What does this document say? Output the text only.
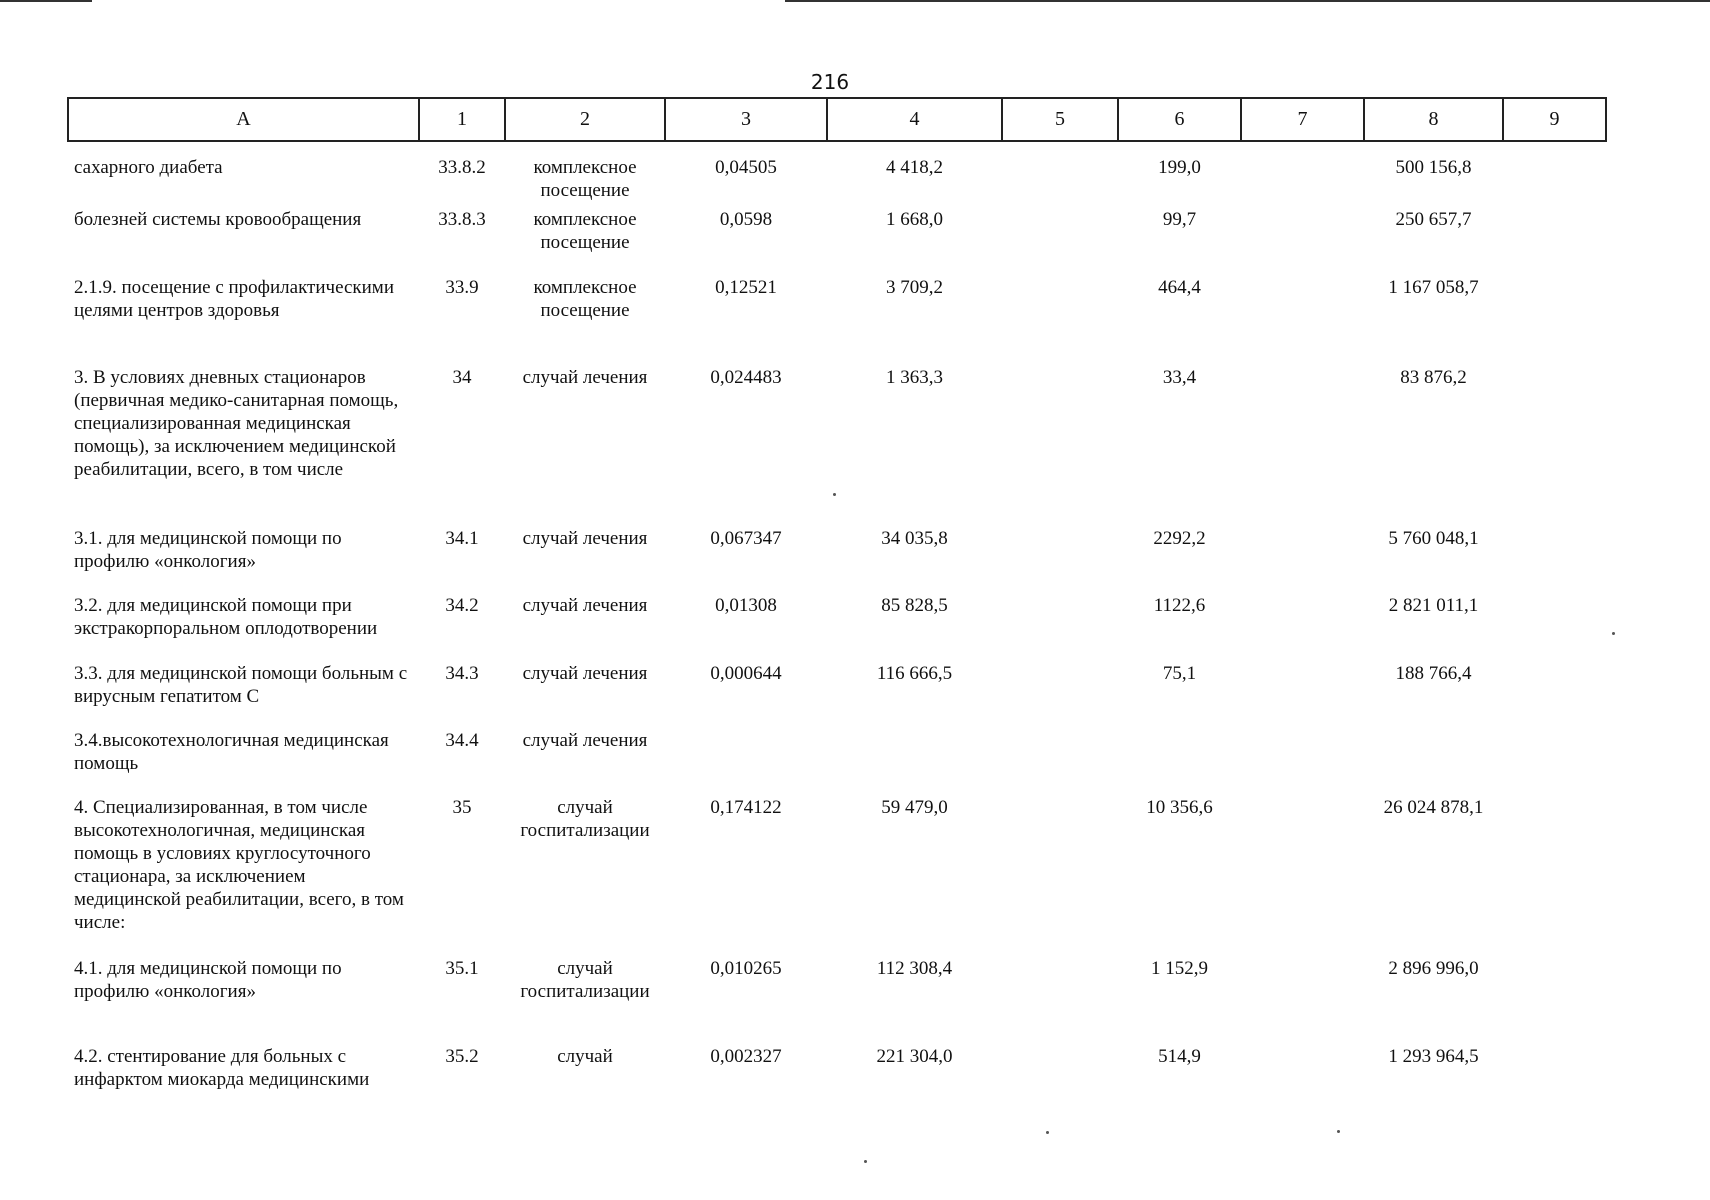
216
А	1	2	3	4	5	6	7	8	9
сахарного диабета	33.8.2	комплексное посещение	0,04505	4 418,2		199,0		500 156,8	
болезней системы кровообращения	33.8.3	комплексное посещение	0,0598	1 668,0		99,7		250 657,7	
2.1.9. посещение с профилактическими целями центров здоровья	33.9	комплексное посещение	0,12521	3 709,2		464,4		1 167 058,7	
3. В условиях дневных стационаров (первичная медико-санитарная помощь, специализированная медицинская помощь), за исключением медицинской реабилитации, всего, в том числе	34	случай лечения	0,024483	1 363,3		33,4		83 876,2	
3.1. для медицинской помощи по профилю «онкология»	34.1	случай лечения	0,067347	34 035,8		2292,2		5 760 048,1	
3.2. для медицинской помощи при экстракорпоральном оплодотворении	34.2	случай лечения	0,01308	85 828,5		1122,6		2 821 011,1	
3.3. для медицинской помощи больным с вирусным гепатитом С	34.3	случай лечения	0,000644	116 666,5		75,1		188 766,4	
3.4.высокотехнологичная медицинская помощь	34.4	случай лечения							
4. Специализированная, в том числе высокотехнологичная, медицинская помощь в условиях круглосуточного стационара, за исключением медицинской реабилитации, всего, в том числе:	35	случай госпитализации	0,174122	59 479,0		10 356,6		26 024 878,1	
4.1. для медицинской помощи по профилю «онкология»	35.1	случай госпитализации	0,010265	112 308,4		1 152,9		2 896 996,0	
4.2. стентирование для больных с инфарктом миокарда медицинскими	35.2	случай	0,002327	221 304,0		514,9		1 293 964,5	
